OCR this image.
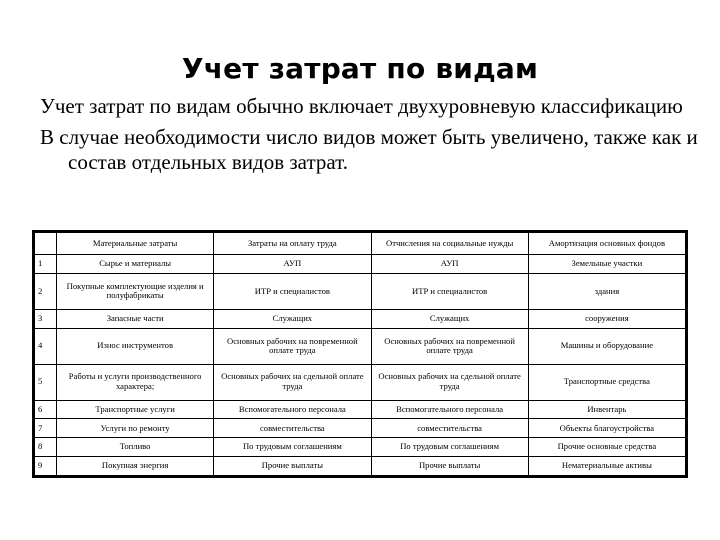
Учет затрат по видам

Учет затрат по видам обычно включает двухуровневую классификацию

В случае необходимости число видов может быть увеличено, также как и состав отдельных видов затрат.

	Материальные затраты	Затраты на оплату труда	Отчисления на социальные нужды	Амортизация основных фондов
1	Сырье и материалы	АУП	АУП	Земельные участки
2	Покупные комплектующие изделия и полуфабрикаты	ИТР и специалистов	ИТР и специалистов	здания
3	Запасные части	Служащих	Служащих	сооружения
4	Износ инструментов	Основных рабочих на повременной оплате труда	Основных рабочих на повременной оплате труда	Машины и оборудование
5	Работы и услуги производственного характера;	Основных рабочих на сдельной оплате труда	Основных рабочих на сдельной оплате труда	Транспортные средства
6	Транспортные услуги	Вспомогательного персонала	Вспомогательного персонала	Инвентарь
7	Услуги по ремонту	совместительства	совместительства	Объекты благоустройства
8	Топливо	По трудовым соглашениям	По трудовым соглашениям	Прочие основные средства
9	Покупная энергия	Прочие выплаты	Прочие выплаты	Нематериальные активы
